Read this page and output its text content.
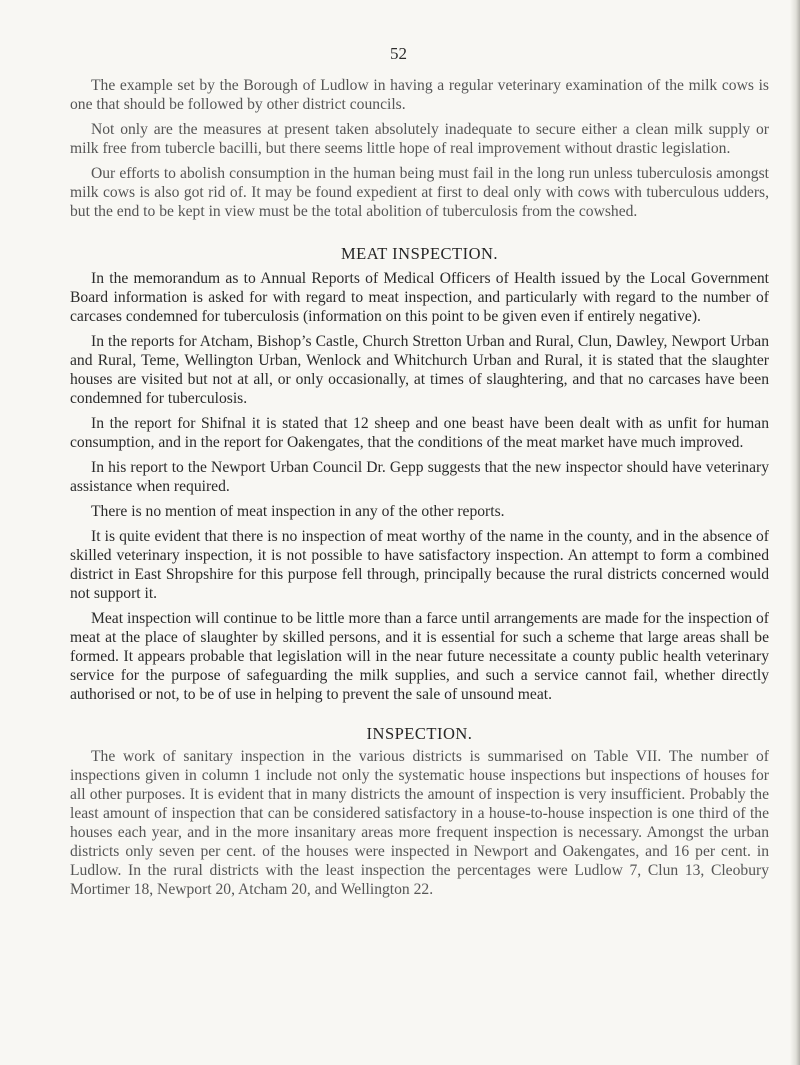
52

The example set by the Borough of Ludlow in having a regular veterinary examination of the milk cows is one that should be followed by other district councils.

Not only are the measures at present taken absolutely inadequate to secure either a clean milk supply or milk free from tubercle bacilli, but there seems little hope of real improvement without drastic legislation.

Our efforts to abolish consumption in the human being must fail in the long run unless tuberculosis amongst milk cows is also got rid of. It may be found expedient at first to deal only with cows with tuberculous udders, but the end to be kept in view must be the total abolition of tuberculosis from the cowshed.

MEAT INSPECTION.

In the memorandum as to Annual Reports of Medical Officers of Health issued by the Local Government Board information is asked for with regard to meat inspection, and particularly with regard to the number of carcases condemned for tuberculosis (information on this point to be given even if entirely negative).

In the reports for Atcham, Bishop’s Castle, Church Stretton Urban and Rural, Clun, Dawley, Newport Urban and Rural, Teme, Wellington Urban, Wenlock and Whitchurch Urban and Rural, it is stated that the slaughter houses are visited but not at all, or only occasionally, at times of slaughtering, and that no carcases have been condemned for tuberculosis.

In the report for Shifnal it is stated that 12 sheep and one beast have been dealt with as unfit for human consumption, and in the report for Oakengates, that the conditions of the meat market have much improved.

In his report to the Newport Urban Council Dr. Gepp suggests that the new inspector should have veterinary assistance when required.

There is no mention of meat inspection in any of the other reports.

It is quite evident that there is no inspection of meat worthy of the name in the county, and in the absence of skilled veterinary inspection, it is not possible to have satisfactory inspection. An attempt to form a combined district in East Shropshire for this purpose fell through, principally because the rural districts concerned would not support it.

Meat inspection will continue to be little more than a farce until arrangements are made for the inspection of meat at the place of slaughter by skilled persons, and it is essential for such a scheme that large areas shall be formed. It appears probable that legislation will in the near future necessitate a county public health veterinary service for the purpose of safeguarding the milk supplies, and such a service cannot fail, whether directly authorised or not, to be of use in helping to prevent the sale of unsound meat.

INSPECTION.

The work of sanitary inspection in the various districts is summarised on Table VII. The number of inspections given in column 1 include not only the systematic house inspections but inspections of houses for all other purposes. It is evident that in many districts the amount of inspection is very insufficient. Probably the least amount of inspection that can be considered satisfactory in a house-to-house inspection is one third of the houses each year, and in the more insanitary areas more frequent inspection is necessary. Amongst the urban districts only seven per cent. of the houses were inspected in Newport and Oakengates, and 16 per cent. in Ludlow. In the rural districts with the least inspection the percentages were Ludlow 7, Clun 13, Cleobury Mortimer 18, Newport 20, Atcham 20, and Wellington 22.
